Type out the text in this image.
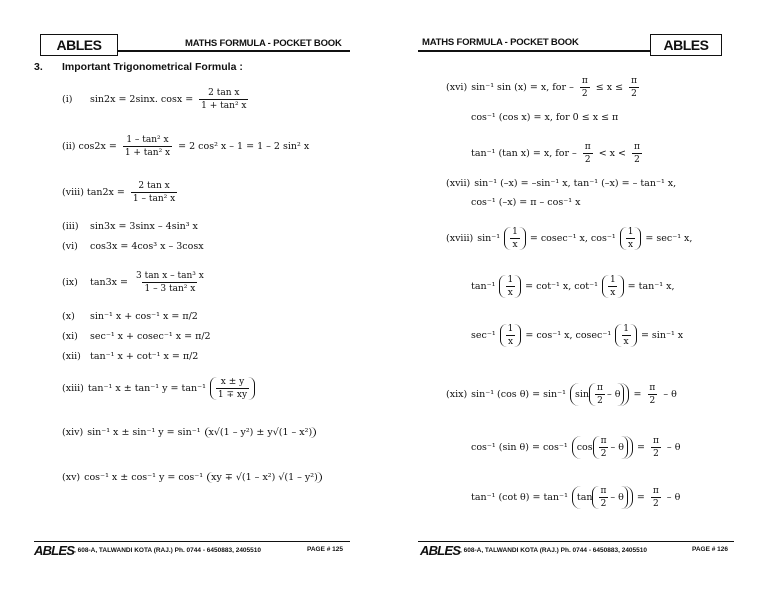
ABLES	MATHS FORMULA - POCKET BOOK
3. Important Trigonometrical Formula :
(i)	sin2x = 2sinx. $\cos x = \frac{\text{2 tan x}}{\text{1 + tan² x}}$
(ii) $\cos 2x = \frac{\text{1 – tan² x}}{\text{1 + tan² x}} = 2$ cos² x – 1 = 1 – 2 sin² x
(viii) $\tan 2x = \frac{\text{2 tan x}}{\text{1 – tan² x}}$
(iii)	sin3x = 3sinx – 4sin³ x
(vi)	cos3x = 4cos³ x – 3cosx
(ix)	$\tan 3x = \frac{\text{3 tan x – tan³ x}}{\text{1 – 3 tan² x}}$
(x)	sin⁻¹ x + cos⁻¹ x = π/2
(xi)	sec⁻¹ x + cosec⁻¹ x = π/2
(xii) tan⁻¹ x + cot⁻¹ x = π/2
(xiii) tan⁻¹ x ± tan⁻¹ $y = \tan^{-1} \frac{x \pm y}{1 \mp xy}$
(xiv) sin⁻¹ x ± sin⁻¹ y = sin⁻¹ x√(1 – y²) ± y√(1 – x²)
(xv) cos⁻¹ x ± cos⁻¹ y = cos⁻¹ xy ∓ √(1 – x²) √(1 – y²)
ABLES , 608-A, TALWANDI KOTA (RAJ.) Ph. 0744 - 6450883, 2405510	PAGE # 125
MATHS FORMULA - POCKET BOOK	ABLES
(xvi) sin⁻¹ sin (x) = x, for – $\frac{\pi}{2} \le x \le \frac{\pi}{2}$
cos⁻¹ (cos x) = x, for 0 ≤ x ≤ π
tan⁻¹ (tan x) = x, for – $\frac{\pi}{2} < x < \frac{\pi}{2}$
(xvii) sin⁻¹ (–x) = –sin⁻¹ x, tan⁻¹ (–x) = – tan⁻¹ x,
cos⁻¹ (–x) = π – cos⁻¹ x
(xviii) $\sin^{-1} \frac{1}{x} = cosec^{-1}$ x, $\cos^{-1} \frac{1}{x} = \sec^{-1}$ x,
$\tan^{-1} \frac{1}{x} = \cot^{-1}$ x, $\cot^{-1} \frac{1}{x} = \tan^{-1}$ x,
$\sec^{-1} \frac{1}{x} = \cos^{-1}$ x, $cosec^{-1} \frac{1}{x} = \sin^{-1}$ x
(xix) sin⁻¹ (cos θ) = sin⁻¹ $\sin \frac{\pi}{2} - \theta = \frac{\pi}{2} - \theta$
cos⁻¹ (sin θ) = cos⁻¹ $\cos \frac{\pi}{2} - \theta = \frac{\pi}{2} - \theta$
tan⁻¹ (cot θ) = tan⁻¹ $\tan \frac{\pi}{2} - \theta = \frac{\pi}{2} - \theta$
ABLES , 608-A, TALWANDI KOTA (RAJ.) Ph. 0744 - 6450883, 2405510	PAGE # 126
